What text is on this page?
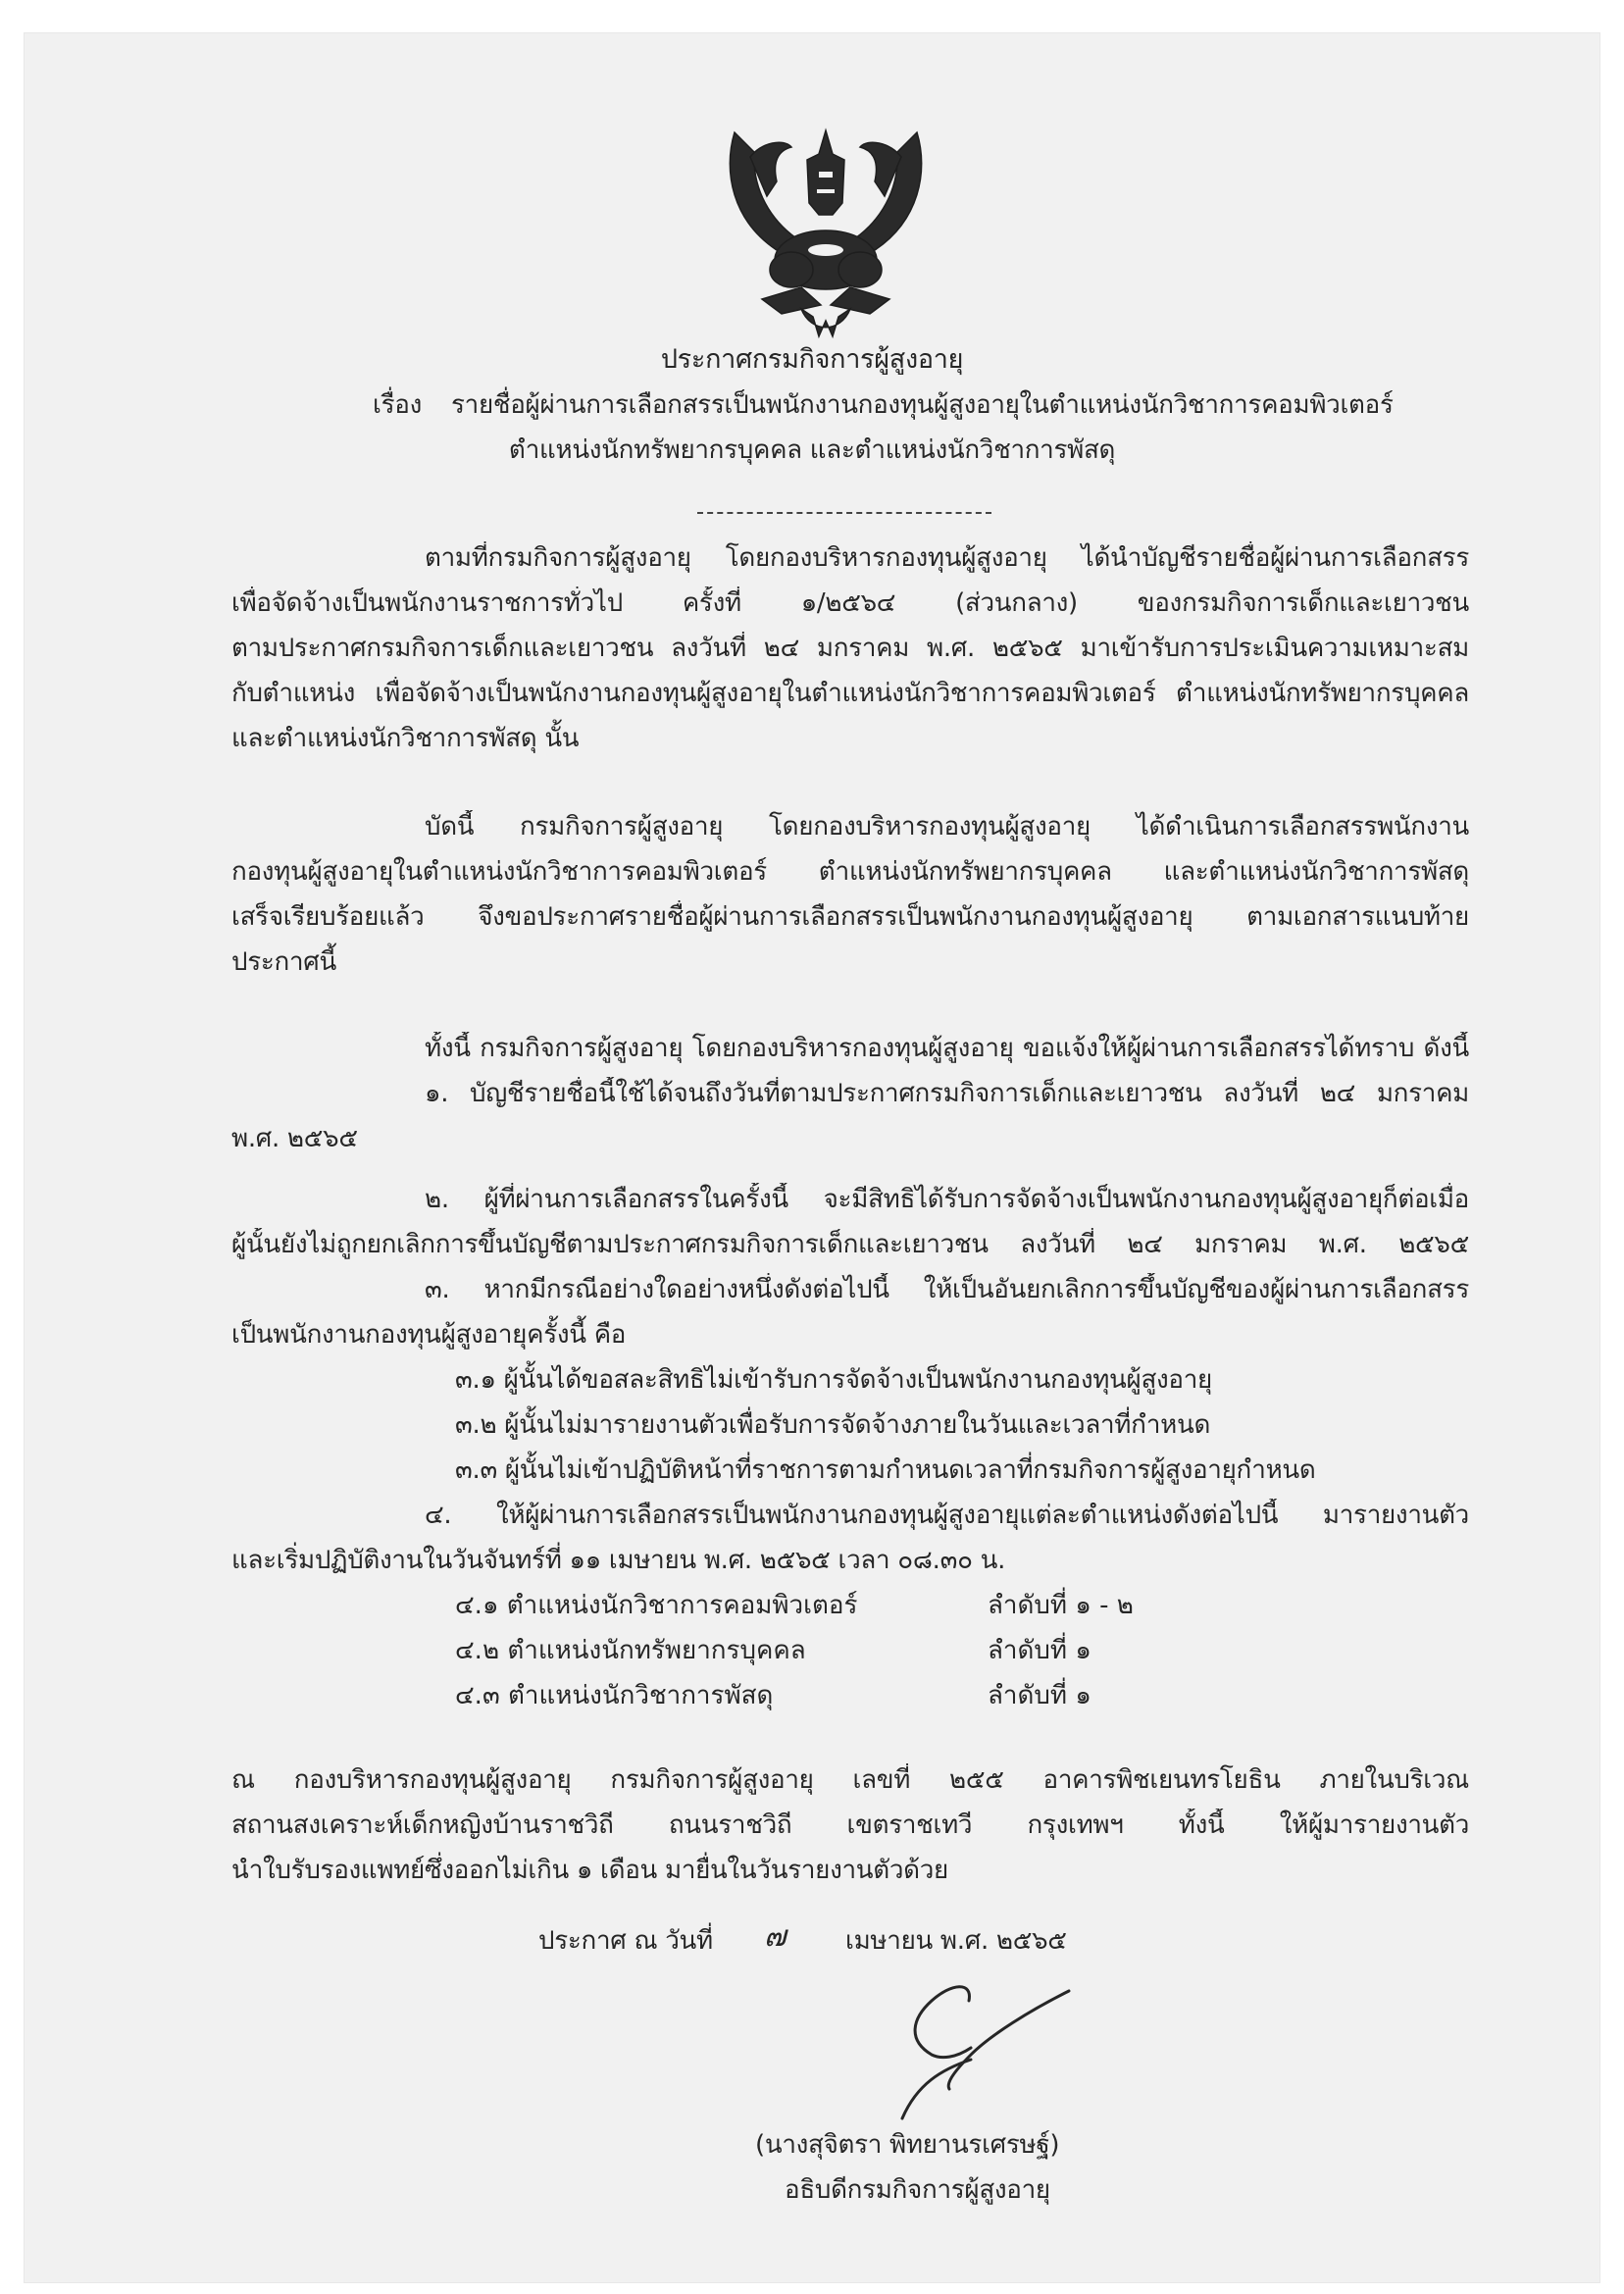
ประกาศกรมกิจการผู้สูงอายุ
เรื่อง รายชื่อผู้ผ่านการเลือกสรรเป็นพนักงานกองทุนผู้สูงอายุในตำแหน่งนักวิชาการคอมพิวเตอร์
ตำแหน่งนักทรัพยากรบุคคล และตำแหน่งนักวิชาการพัสดุ
ตามที่กรมกิจการผู้สูงอายุ โดยกองบริหารกองทุนผู้สูงอายุ ได้นำบัญชีรายชื่อผู้ผ่านการเลือกสรร
เพื่อจัดจ้างเป็นพนักงานราชการทั่วไป ครั้งที่ ๑/๒๕๖๔ (ส่วนกลาง) ของกรมกิจการเด็กและเยาวชน
ตามประกาศกรมกิจการเด็กและเยาวชน ลงวันที่ ๒๔ มกราคม พ.ศ. ๒๕๖๕ มาเข้ารับการประเมินความเหมาะสม
กับตำแหน่ง เพื่อจัดจ้างเป็นพนักงานกองทุนผู้สูงอายุในตำแหน่งนักวิชาการคอมพิวเตอร์ ตำแหน่งนักทรัพยากรบุคคล
และตำแหน่งนักวิชาการพัสดุ นั้น
บัดนี้ กรมกิจการผู้สูงอายุ โดยกองบริหารกองทุนผู้สูงอายุ ได้ดำเนินการเลือกสรรพนักงาน
กองทุนผู้สูงอายุในตำแหน่งนักวิชาการคอมพิวเตอร์ ตำแหน่งนักทรัพยากรบุคคล และตำแหน่งนักวิชาการพัสดุ
เสร็จเรียบร้อยแล้ว จึงขอประกาศรายชื่อผู้ผ่านการเลือกสรรเป็นพนักงานกองทุนผู้สูงอายุ ตามเอกสารแนบท้าย
ประกาศนี้
ทั้งนี้ กรมกิจการผู้สูงอายุ โดยกองบริหารกองทุนผู้สูงอายุ ขอแจ้งให้ผู้ผ่านการเลือกสรรได้ทราบ ดังนี้
๑. บัญชีรายชื่อนี้ใช้ได้จนถึงวันที่ตามประกาศกรมกิจการเด็กและเยาวชน ลงวันที่ ๒๔ มกราคม
พ.ศ. ๒๕๖๕
๒. ผู้ที่ผ่านการเลือกสรรในครั้งนี้ จะมีสิทธิได้รับการจัดจ้างเป็นพนักงานกองทุนผู้สูงอายุก็ต่อเมื่อ
ผู้นั้นยังไม่ถูกยกเลิกการขึ้นบัญชีตามประกาศกรมกิจการเด็กและเยาวชน ลงวันที่ ๒๔ มกราคม พ.ศ. ๒๕๖๕
๓. หากมีกรณีอย่างใดอย่างหนึ่งดังต่อไปนี้ ให้เป็นอันยกเลิกการขึ้นบัญชีของผู้ผ่านการเลือกสรร
เป็นพนักงานกองทุนผู้สูงอายุครั้งนี้ คือ
๓.๑ ผู้นั้นได้ขอสละสิทธิไม่เข้ารับการจัดจ้างเป็นพนักงานกองทุนผู้สูงอายุ
๓.๒ ผู้นั้นไม่มารายงานตัวเพื่อรับการจัดจ้างภายในวันและเวลาที่กำหนด
๓.๓ ผู้นั้นไม่เข้าปฏิบัติหน้าที่ราชการตามกำหนดเวลาที่กรมกิจการผู้สูงอายุกำหนด
๔. ให้ผู้ผ่านการเลือกสรรเป็นพนักงานกองทุนผู้สูงอายุแต่ละตำแหน่งดังต่อไปนี้ มารายงานตัว
และเริ่มปฏิบัติงานในวันจันทร์ที่ ๑๑ เมษายน พ.ศ. ๒๕๖๕ เวลา ๐๘.๓๐ น.
๔.๑ ตำแหน่งนักวิชาการคอมพิวเตอร์	ลำดับที่ ๑ - ๒
๔.๒ ตำแหน่งนักทรัพยากรบุคคล	ลำดับที่ ๑
๔.๓ ตำแหน่งนักวิชาการพัสดุ	ลำดับที่ ๑
ณ กองบริหารกองทุนผู้สูงอายุ กรมกิจการผู้สูงอายุ เลขที่ ๒๕๕ อาคารพิชเยนทรโยธิน ภายในบริเวณ
สถานสงเคราะห์เด็กหญิงบ้านราชวิถี ถนนราชวิถี เขตราชเทวี กรุงเทพฯ ทั้งนี้ ให้ผู้มารายงานตัว
นำใบรับรองแพทย์ซึ่งออกไม่เกิน ๑ เดือน มายื่นในวันรายงานตัวด้วย
ประกาศ ณ วันที่ ๗ เมษายน พ.ศ. ๒๕๖๕
(นางสุจิตรา พิทยานรเศรษฐ์)
อธิบดีกรมกิจการผู้สูงอายุ
